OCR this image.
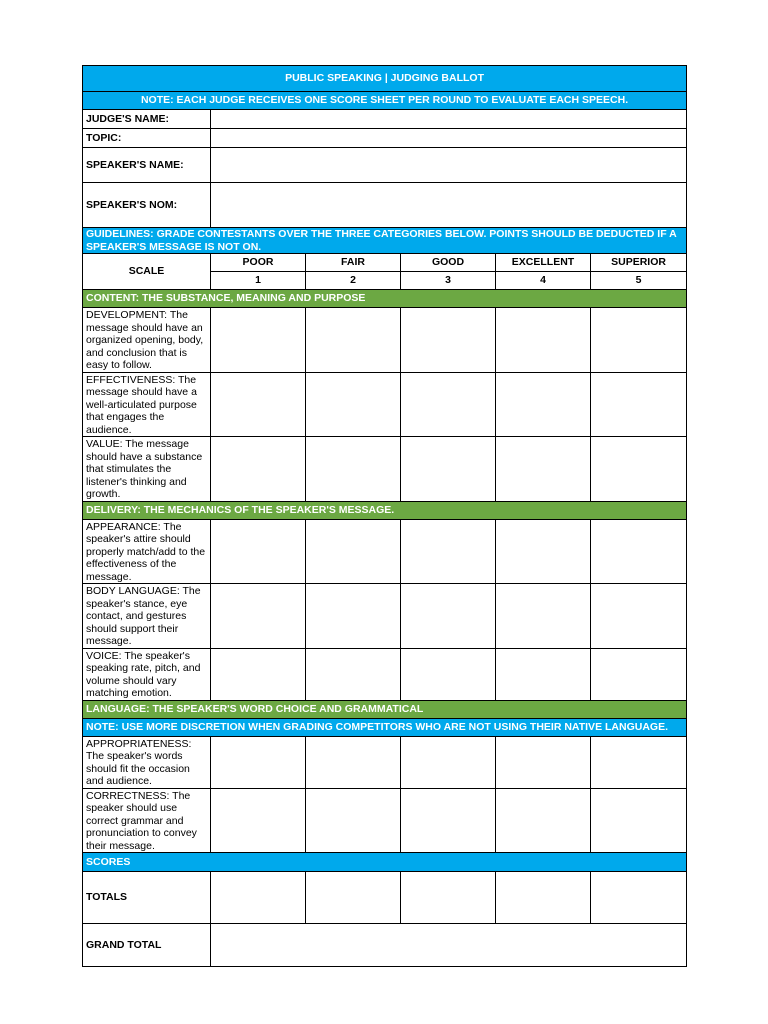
PUBLIC SPEAKING | JUDGING BALLOT					
NOTE: EACH JUDGE RECEIVES ONE SCORE SHEET PER ROUND TO EVALUATE EACH SPEECH.					
JUDGE'S NAME:					
TOPIC:					
SPEAKER'S NAME:					
SPEAKER'S NOM:					
GUIDELINES: GRADE CONTESTANTS OVER THE THREE CATEGORIES BELOW. POINTS SHOULD BE DEDUCTED IF A SPEAKER'S MESSAGE IS NOT ON.					
SCALE	POOR	FAIR	GOOD	EXCELLENT	SUPERIOR
	1	2	3	4	5
CONTENT: THE SUBSTANCE, MEANING AND PURPOSE					
DEVELOPMENT: The message should have an organized opening, body, and conclusion that is easy to follow.					
EFFECTIVENESS: The message should have a well-articulated purpose that engages the audience.					
VALUE: The message should have a substance that stimulates the listener's thinking and growth.					
DELIVERY: THE MECHANICS OF THE SPEAKER'S MESSAGE.					
APPEARANCE: The speaker's attire should properly match/add to the effectiveness of the message.					
BODY LANGUAGE: The speaker's stance, eye contact, and gestures should support their message.					
VOICE: The speaker's speaking rate, pitch, and volume should vary matching emotion.					
LANGUAGE: THE SPEAKER'S WORD CHOICE AND GRAMMATICAL					
NOTE: USE MORE DISCRETION WHEN GRADING COMPETITORS WHO ARE NOT USING THEIR NATIVE LANGUAGE.					
APPROPRIATENESS: The speaker's words should fit the occasion and audience.					
CORRECTNESS: The speaker should use correct grammar and pronunciation to convey their message.					
SCORES					
TOTALS					
GRAND TOTAL					
